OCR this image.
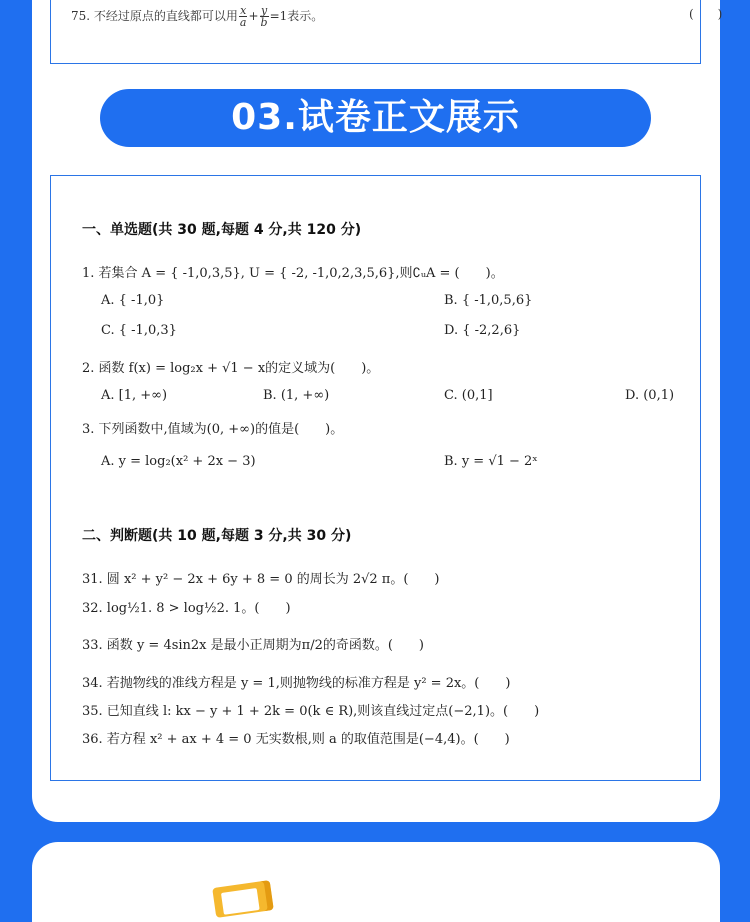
75. 不经过原点的直线都可以用 $\frac{x}{a} + \frac{y}{b} =1$表示。	(　　)
03.试卷正文展示
一、单选题(共 30 题,每题 4 分,共 120 分)
1. 若集合 A = { -1,0,3,5}, U = { -2, -1,0,2,3,5,6},则∁ᵤA = (　　)。
A. { -1,0}	B. { -1,0,5,6}
C. { -1,0,3}	D. { -2,2,6}
2. 函数 f(x) = log₂x + √1 − x的定义域为(　　)。
A. [1, +∞)	B. (1, +∞)	C. (0,1]	D. (0,1)
3. 下列函数中,值域为(0, +∞)的值是(　　)。
A. y = log₂(x² + 2x − 3)	B. y = √1 − 2ˣ
二、判断题(共 10 题,每题 3 分,共 30 分)
31. 圆 x² + y² − 2x + 6y + 8 = 0 的周长为 2√2 π。(　　)
32. log½1. 8 > log½2. 1。(　　)
33. 函数 y = 4sin2x 是最小正周期为π/2的奇函数。(　　)
34. 若抛物线的准线方程是 y = 1,则抛物线的标准方程是 y² = 2x。(　　)
35. 已知直线 l: kx − y + 1 + 2k = 0(k ∈ R),则该直线过定点(−2,1)。(　　)
36. 若方程 x² + ax + 4 = 0 无实数根,则 a 的取值范围是(−4,4)。(　　)
